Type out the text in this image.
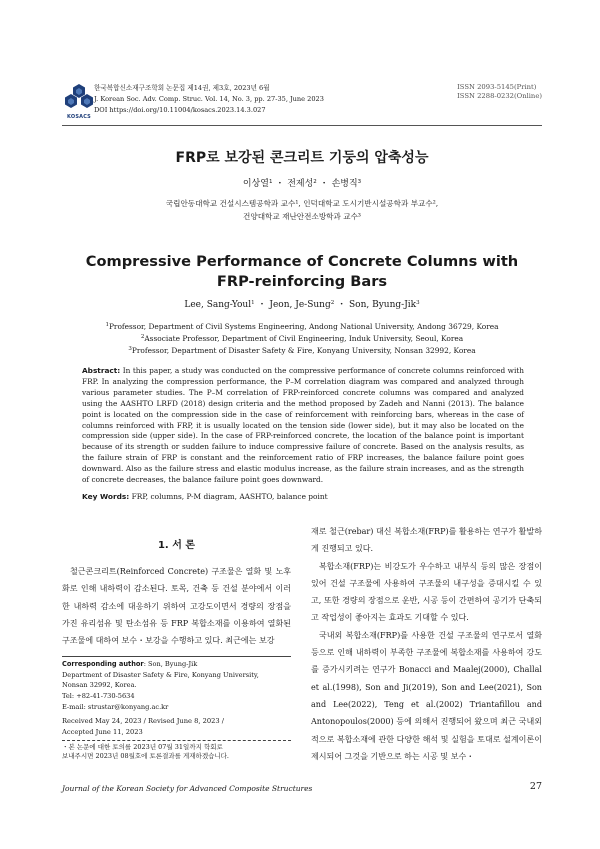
KOSACS
한국복합신소재구조학회 논문집 제14권, 제3호, 2023년 6월
J. Korean Soc. Adv. Comp. Struc. Vol. 14, No. 3, pp. 27-35, June 2023
DOI https://doi.org/10.11004/kosacs.2023.14.3.027
ISSN 2093-5145(Print)
ISSN 2288-0232(Online)
FRP로 보강된 콘크리트 기둥의 압축성능
이상열$^1$ ・ 전제성$^2$ ・ 손병직$^3$
국립안동대학교 건설시스템공학과 교수¹, 인덕대학교 도시기반시설공학과 부교수²,
건양대학교 재난안전소방학과 교수³
Compressive Performance of Concrete Columns with
FRP-reinforcing Bars
Lee, Sang-Youl$^1$ ・ Jeon, Je-Sung$^2$ ・ Son, Byung-Jik$^3$
$^1$Professor, Department of Civil Systems Engineering, Andong National University, Andong 36729, Korea
$^2$Associate Professor, Department of Civil Engineering, Induk University, Seoul, Korea
$^3$Professor, Department of Disaster Safety & Fire, Konyang University, Nonsan 32992, Korea
Abstract: In this paper, a study was conducted on the compressive performance of concrete columns reinforced with FRP. In analyzing the compression performance, the P–M correlation diagram was compared and analyzed through various parameter studies. The P–M correlation of FRP-reinforced concrete columns was compared and analyzed using the AASHTO LRFD (2018) design criteria and the method proposed by Zadeh and Nanni (2013). The balance point is located on the compression side in the case of reinforcement with reinforcing bars, whereas in the case of columns reinforced with FRP, it is usually located on the tension side (lower side), but it may also be located on the compression side (upper side). In the case of FRP-reinforced concrete, the location of the balance point is important because of its strength or sudden failure to induce compressive failure of concrete. Based on the analysis results, as the failure strain of FRP is constant and the reinforcement ratio of FRP increases, the balance failure point goes downward. Also as the failure stress and elastic modulus increase, as the failure strain increases, and as the strength of concrete decreases, the balance failure point goes downward.
Key Words: FRP, columns, P-M diagram, AASHTO, balance point
1. 서 론

철근콘크리트(Reinforced Concrete) 구조물은 열화 및 노후화로 인해 내하력이 감소된다. 토목, 건축 등 건설 분야에서 이러한 내하력 감소에 대응하기 위하여 고강도이면서 경량의 장점을 가진 유리섬유 및 탄소섬유 등 FRP 복합소재를 이용하여 열화된 구조물에 대하여 보수・보강을 수행하고 있다. 최근에는 보강

Corresponding author: Son, Byung-Jik
Department of Disaster Safety & Fire, Konyang University,
Nonsan 32992, Korea.
Tel: +82-41-730-5634
E-mail: strustar@konyang.ac.kr
Received May 24, 2023 / Revised June 8, 2023 /
Accepted June 11, 2023
・본 논문에 대한 토의를 2023년 07월 31일까지 학회로
보내주시면 2023년 08월호에 토론결과를 게재하겠습니다.

재로 철근(rebar) 대신 복합소재(FRP)를 활용하는 연구가 활발하게 진행되고 있다.

복합소재(FRP)는 비강도가 우수하고 내부식 등의 많은 장점이 있어 건설 구조물에 사용하여 구조물의 내구성을 증대시킬 수 있고, 또한 경량의 장점으로 운반, 시공 등이 간편하여 공기가 단축되고 작업성이 좋아지는 효과도 기대할 수 있다.

국내외 복합소재(FRP)를 사용한 건설 구조물의 연구로서 열화 등으로 인해 내하력이 부족한 구조물에 복합소재를 사용하여 강도를 증가시키려는 연구가 Bonacci and Maalej(2000), Challal et al.(1998), Son and Ji(2019), Son and Lee(2021), Son and Lee(2022), Teng et al.(2002) Triantafillou and Antonopoulos(2000) 등에 의해서 진행되어 왔으며 최근 국내외적으로 복합소재에 관한 다양한 해석 및 실험을 토대로 설계이론이 제시되어 그것을 기반으로 하는 시공 및 보수・

Journal of the Korean Society for Advanced Composite Structures	27
